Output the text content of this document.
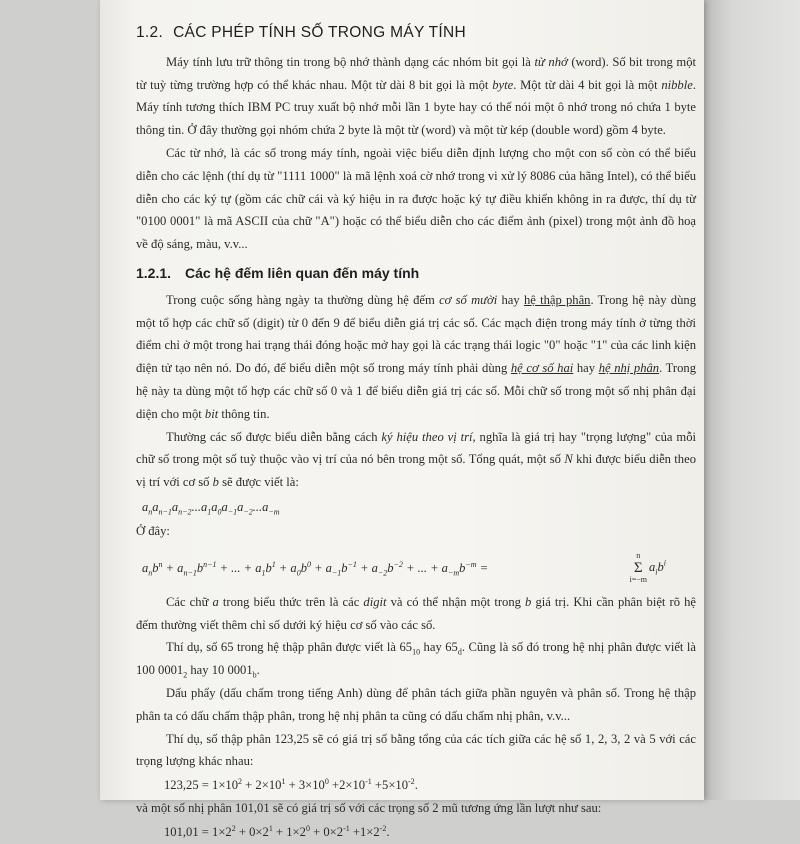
1.2. CÁC PHÉP TÍNH SỐ TRONG MÁY TÍNH

Máy tính lưu trữ thông tin trong bộ nhớ thành dạng các nhóm bit gọi là từ nhớ (word). Số bit trong một từ tuỳ từng trường hợp có thể khác nhau. Một từ dài 8 bit gọi là một byte. Một từ dài 4 bit gọi là một nibble. Máy tính tương thích IBM PC truy xuất bộ nhớ mỗi lần 1 byte hay có thể nói một ô nhớ trong nó chứa 1 byte thông tin. Ở đây thường gọi nhóm chứa 2 byte là một từ (word) và một từ kép (double word) gồm 4 byte.

Các từ nhớ, là các số trong máy tính, ngoài việc biểu diễn định lượng cho một con số còn có thể biểu diễn cho các lệnh (thí dụ từ "1111 1000" là mã lệnh xoá cờ nhớ trong vi xử lý 8086 của hãng Intel), có thể biểu diễn cho các ký tự (gồm các chữ cái và ký hiệu in ra được hoặc ký tự điều khiển không in ra được, thí dụ từ "0100 0001" là mã ASCII của chữ "A") hoặc có thể biểu diễn cho các điểm ảnh (pixel) trong một ảnh đồ hoạ về độ sáng, màu, v.v...

1.2.1. Các hệ đếm liên quan đến máy tính

Trong cuộc sống hàng ngày ta thường dùng hệ đếm cơ số mười hay hệ thập phân. Trong hệ này dùng một tổ hợp các chữ số (digit) từ 0 đến 9 để biểu diễn giá trị các số. Các mạch điện trong máy tính ở từng thời điểm chỉ ở một trong hai trạng thái đóng hoặc mở hay gọi là các trạng thái logic "0" hoặc "1" của các linh kiện điện tử tạo nên nó. Do đó, để biểu diễn một số trong máy tính phải dùng hệ cơ số hai hay hệ nhị phân. Trong hệ này ta dùng một tổ hợp các chữ số 0 và 1 để biểu diễn giá trị các số. Mỗi chữ số trong một số nhị phân đại diện cho một bit thông tin.

Thường các số được biểu diễn bằng cách ký hiệu theo vị trí, nghĩa là giá trị hay "trọng lượng" của mỗi chữ số trong một số tuỳ thuộc vào vị trí của nó bên trong một số. Tổng quát, một số N khi được biểu diễn theo vị trí với cơ số b sẽ được viết là:

$a_na_{n-1}a_{n-2}...a_1a_0a_{-1}a_{-2}...a_{-m}$

Ở đây:

$a_nb^n + a_{n-1}b^{n-1}$ + ... + $a_1b^1 + a_0b^0 + a_{-1}b^{-1} + a_{-2}b^{-2}$ + ... + $a_{-m}b^{-m}$ =
n
Σ
i=−m
$a_ib^i$

Các chữ a trong biểu thức trên là các digit và có thể nhận một trong b giá trị. Khi cần phân biệt rõ hệ đếm thường viết thêm chỉ số dưới ký hiệu cơ số vào các số.

Thí dụ, số 65 trong hệ thập phân được viết là $65_{10}$ hay $65_d$. Cũng là số đó trong hệ nhị phân được viết là 100 $0001_2$ hay 10 $0001_b$.

Dấu phẩy (dấu chấm trong tiếng Anh) dùng để phân tách giữa phần nguyên và phân số. Trong hệ thập phân ta có dấu chấm thập phân, trong hệ nhị phân ta cũng có dấu chấm nhị phân, v.v...

Thí dụ, số thập phân 123,25 sẽ có giá trị số bằng tổng của các tích giữa các hệ số 1, 2, 3, 2 và 5 với các trọng lượng khác nhau:

$123,25 = 1\times 10^2 + 2\times 10^1 + 3\times 10^0 +2\times 10^{-1} +5\times 10^{-2}$.

và một số nhị phân 101,01 sẽ có giá trị số với các trọng số 2 mũ tương ứng lần lượt như sau:

$101,01 = 1\times 2^2 + 0\times 2^1 + 1\times 2^0 + 0\times 2^{-1} +1\times 2^{-2}$.
